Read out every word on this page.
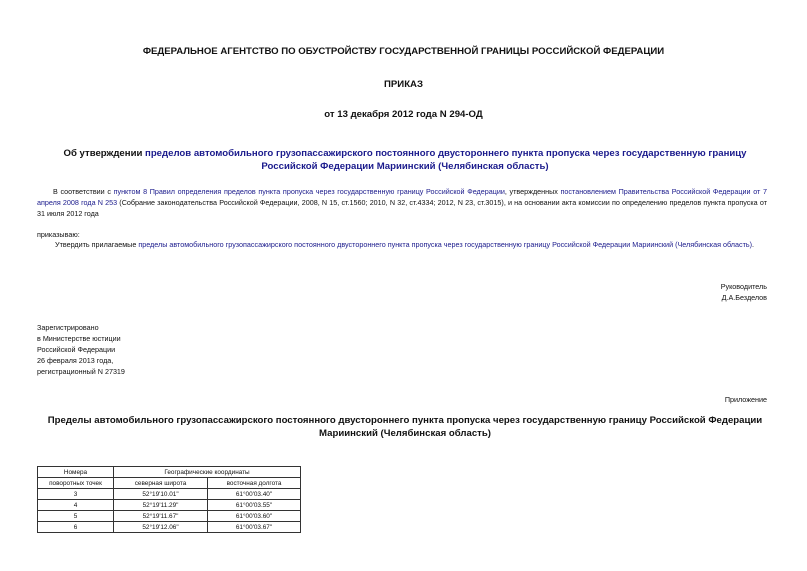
ФЕДЕРАЛЬНОЕ АГЕНТСТВО ПО ОБУСТРОЙСТВУ ГОСУДАРСТВЕННОЙ ГРАНИЦЫ РОССИЙСКОЙ ФЕДЕРАЦИИ
ПРИКАЗ
от 13 декабря 2012 года N 294-ОД
Об утверждении пределов автомобильного грузопассажирского постоянного двустороннего пункта пропуска через государственную границу Российской Федерации Мариинский (Челябинская область)
В соответствии с пунктом 8 Правил определения пределов пункта пропуска через государственную границу Российской Федерации, утвержденных постановлением Правительства Российской Федерации от 7 апреля 2008 года N 253 (Собрание законодательства Российской Федерации, 2008, N 15, ст.1560; 2010, N 32, ст.4334; 2012, N 23, ст.3015), и на основании акта комиссии по определению пределов пункта пропуска от 31 июля 2012 года
приказываю:
Утвердить прилагаемые пределы автомобильного грузопассажирского постоянного двустороннего пункта пропуска через государственную границу Российской Федерации Мариинский (Челябинская область).
Руководитель
Д.А.Безделов
Зарегистрировано
в Министерстве юстиции
Российской Федерации
26 февраля 2013 года,
регистрационный N 27319
Приложение
Пределы автомобильного грузопассажирского постоянного двустороннего пункта пропуска через государственную границу Российской Федерации Мариинский (Челябинская область)
Номера	Географические координаты	
поворотных точек	северная широта	восточная долгота
3	52°19'10.01"	61°00'03.40"
4	52°19'11.29"	61°00'03.55"
5	52°19'11.67"	61°00'03.60"
6	52°19'12.06"	61°00'03.67"
